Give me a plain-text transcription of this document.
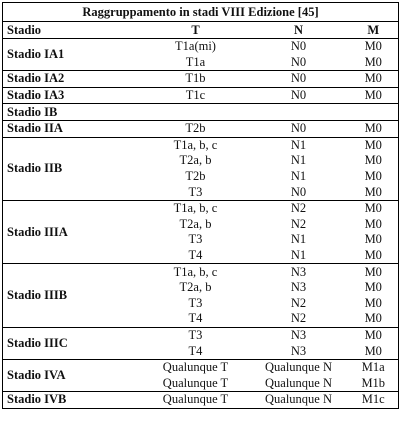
Raggruppamento in stadi VIII Edizione [45]			
Stadio	T	N	M
Stadio IA1	T1a(mi)	N0	M0
	T1a	N0	M0
Stadio IA2	T1b	N0	M0
Stadio IA3	T1c	N0	M0
Stadio IB			
Stadio IIA	T2b	N0	M0
Stadio IIB	T1a, b, c	N1	M0
	T2a, b	N1	M0
	T2b	N1	M0
	T3	N0	M0
Stadio IIIA	T1a, b, c	N2	M0
	T2a, b	N2	M0
	T3	N1	M0
	T4	N1	M0
Stadio IIIB	T1a, b, c	N3	M0
	T2a, b	N3	M0
	T3	N2	M0
	T4	N2	M0
Stadio IIIC	T3	N3	M0
	T4	N3	M0
Stadio IVA	Qualunque T	Qualunque N	M1a
	Qualunque T	Qualunque N	M1b
Stadio IVB	Qualunque T	Qualunque N	M1c
